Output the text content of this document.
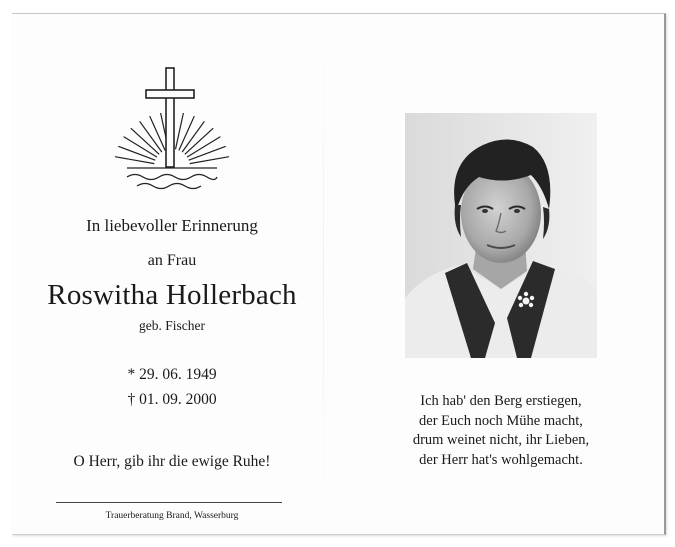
In liebevoller Erinnerung
an Frau
Roswitha Hollerbach
geb. Fischer
* 29. 06. 1949
† 01. 09. 2000
O Herr, gib ihr die ewige Ruhe!
Trauerberatung Brand, Wasserburg
Ich hab' den Berg erstiegen,
der Euch noch Mühe macht,
drum weinet nicht, ihr Lieben,
der Herr hat's wohlgemacht.
